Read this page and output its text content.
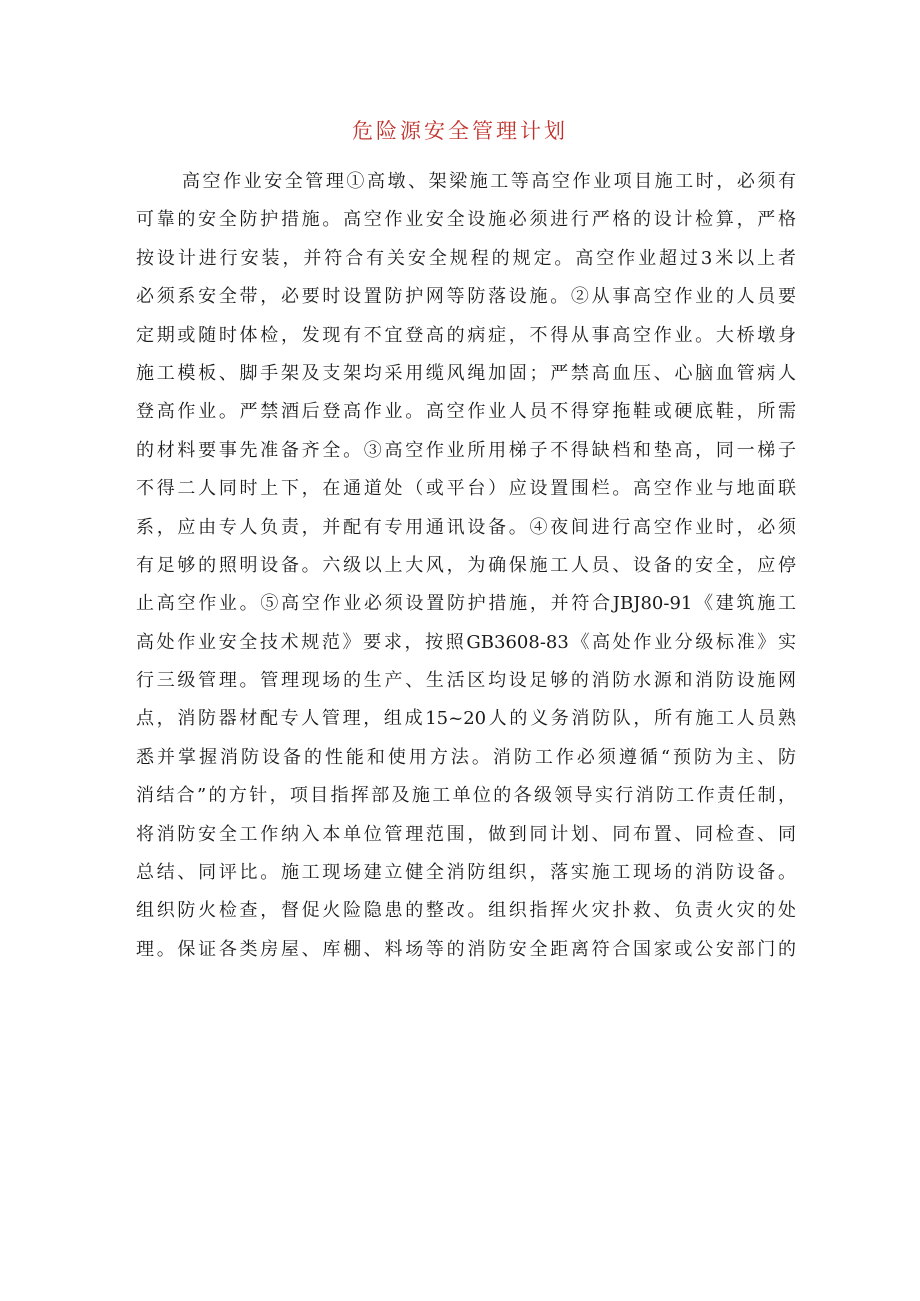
危险源安全管理计划
高空作业安全管理①高墩、架梁施工等高空作业项目施工时，必须有
可靠的安全防护措施。高空作业安全设施必须进行严格的设计检算，严格
按设计进行安装，并符合有关安全规程的规定。高空作业超过3米以上者
必须系安全带，必要时设置防护网等防落设施。②从事高空作业的人员要
定期或随时体检，发现有不宜登高的病症，不得从事高空作业。大桥墩身
施工模板、脚手架及支架均采用缆风绳加固；严禁高血压、心脑血管病人
登高作业。严禁酒后登高作业。高空作业人员不得穿拖鞋或硬底鞋，所需
的材料要事先准备齐全。③高空作业所用梯子不得缺档和垫高，同一梯子
不得二人同时上下，在通道处（或平台）应设置围栏。高空作业与地面联
系，应由专人负责，并配有专用通讯设备。④夜间进行高空作业时，必须
有足够的照明设备。六级以上大风，为确保施工人员、设备的安全，应停
止高空作业。⑤高空作业必须设置防护措施，并符合JBJ80-91《建筑施工
高处作业安全技术规范》要求，按照GB3608-83《高处作业分级标准》实
行三级管理。管理现场的生产、生活区均设足够的消防水源和消防设施网
点，消防器材配专人管理，组成15~20人的义务消防队，所有施工人员熟
悉并掌握消防设备的性能和使用方法。消防工作必须遵循“预防为主、防
消结合”的方针，项目指挥部及施工单位的各级领导实行消防工作责任制，
将消防安全工作纳入本单位管理范围，做到同计划、同布置、同检查、同
总结、同评比。施工现场建立健全消防组织，落实施工现场的消防设备。
组织防火检查，督促火险隐患的整改。组织指挥火灾扑救、负责火灾的处
理。保证各类房屋、库棚、料场等的消防安全距离符合国家或公安部门的
